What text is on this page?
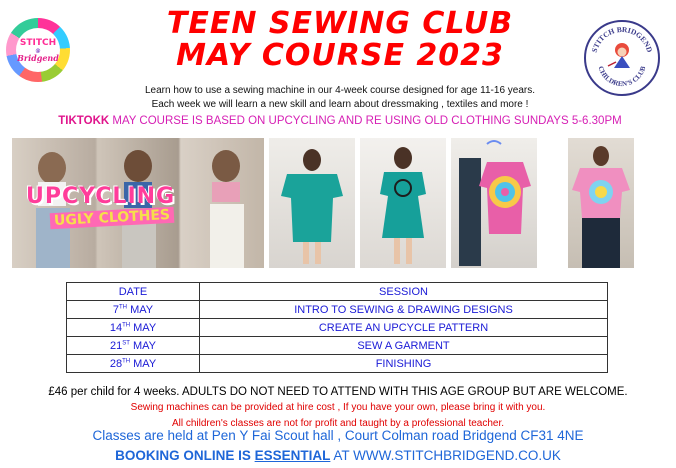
STITCH
@
Bridgend
STITCH BRIDGEND
CHILDREN'S CLUB
TEEN SEWING CLUB
MAY COURSE 2023
Learn how to use a sewing machine in our 4-week course designed for age 11-16 years.
Each week we will learn a new skill and learn about dressmaking , textiles and more !
TIKTOKK MAY COURSE IS BASED ON UPCYCLING AND RE USING OLD CLOTHING SUNDAYS 5-6.30PM
UPCYCLING
UGLY CLOTHES
DATE	SESSION
7TH MAY	INTRO TO SEWING & DRAWING DESIGNS
14TH MAY	CREATE AN UPCYCLE PATTERN
21ST MAY	SEW A GARMENT
28TH MAY	FINISHING
£46 per child for 4 weeks. ADULTS DO NOT NEED TO ATTEND WITH THIS AGE GROUP BUT ARE WELCOME.
Sewing machines can be provided at hire cost , If you have your own, please bring it with you.
All children's classes are not for profit and taught by a professional teacher.
Classes are held at Pen Y Fai Scout hall , Court Colman road Bridgend CF31 4NE
BOOKING ONLINE IS ESSENTIAL AT WWW.STITCHBRIDGEND.CO.UK
